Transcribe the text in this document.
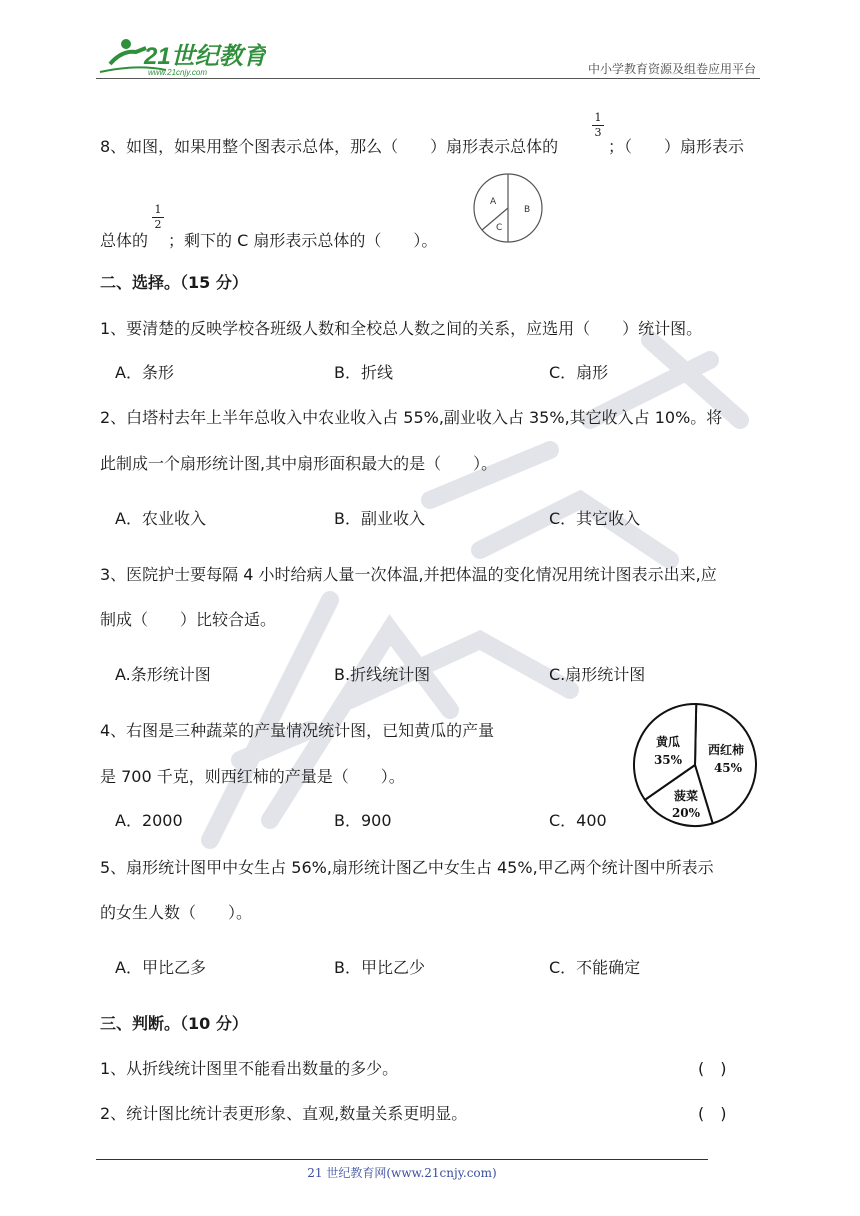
21世纪教育
www.21cnjy.com	中小学教育资源及组卷应用平台
8、如图，如果用整个图表示总体，那么（　　）扇形表示总体的
1
3
；（　　）扇形表示
总体的
1
2
；剩下的 C 扇形表示总体的（　　）。
A
B
C
二、选择。（15 分）
1、要清楚的反映学校各班级人数和全校总人数之间的关系，应选用（　　）统计图。
A．条形	B．折线	C．扇形
2、白塔村去年上半年总收入中农业收入占 55%,副业收入占 35%,其它收入占 10%。将
此制成一个扇形统计图,其中扇形面积最大的是（　　）。
A．农业收入	B．副业收入	C．其它收入
3、医院护士要每隔 4 小时给病人量一次体温,并把体温的变化情况用统计图表示出来,应
制成（　　）比较合适。
A.条形统计图	B.折线统计图	C.扇形统计图
4、右图是三种蔬菜的产量情况统计图，已知黄瓜的产量
是 700 千克，则西红柿的产量是（　　）。
A．2000	B．900	C．400
西红柿
45%
菠菜
20%
黄瓜
35%
5、扇形统计图甲中女生占 56%,扇形统计图乙中女生占 45%,甲乙两个统计图中所表示
的女生人数（　　）。
A．甲比乙多	B．甲比乙少	C．不能确定
三、判断。（10 分）
1、从折线统计图里不能看出数量的多少。	(　)
2、统计图比统计表更形象、直观,数量关系更明显。	(　)
21 世纪教育网(www.21cnjy.com)
